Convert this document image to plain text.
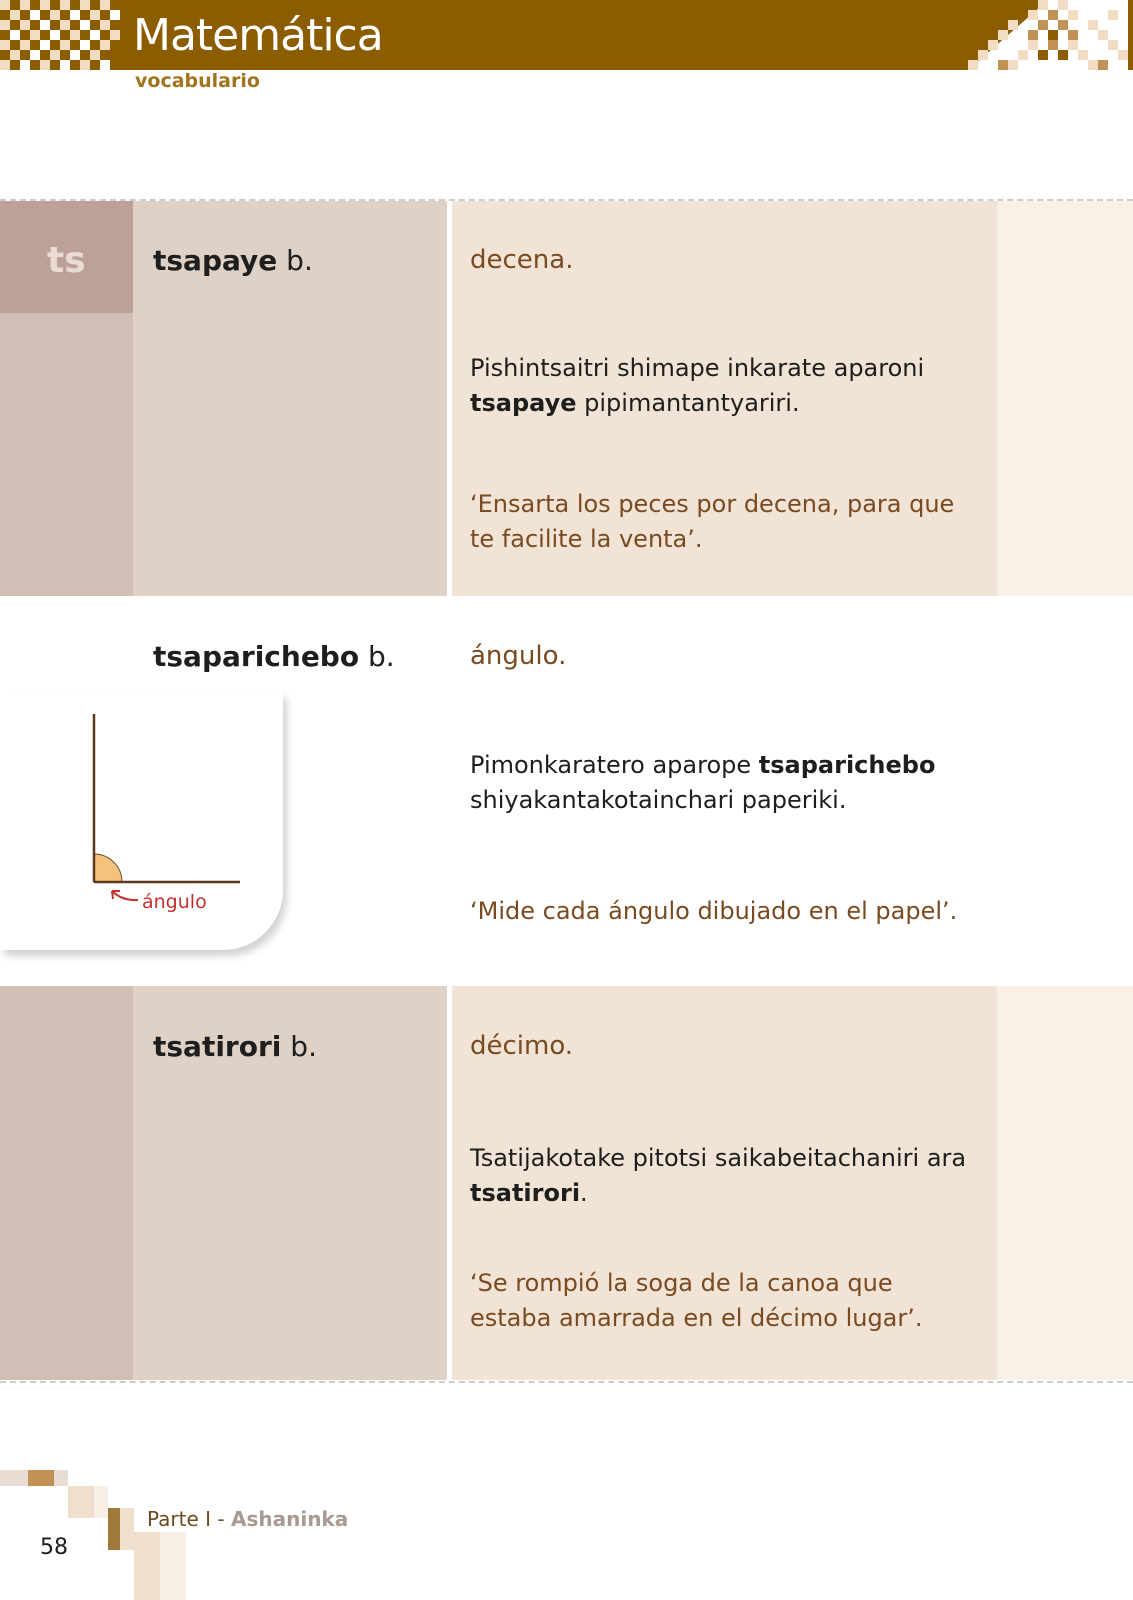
Matemática
vocabulario
ts tsapaye b.	decena.
Pishintsaitri shimape inkarate aparoni tsapaye pipimantantyariri.
‘Ensarta los peces por decena, para que te facilite la venta’.
tsaparichebo b.	ángulo.
Pimonkaratero aparope tsaparichebo shiyakantakotainchari paperiki.
‘Mide cada ángulo dibujado en el papel’.
ángulo
tsatirori b.	décimo.
Tsatijakotake pitotsi saikabeitachaniri ara tsatirori.
‘Se rompió la soga de la canoa que estaba amarrada en el décimo lugar’.
58
Parte I - Ashaninka
